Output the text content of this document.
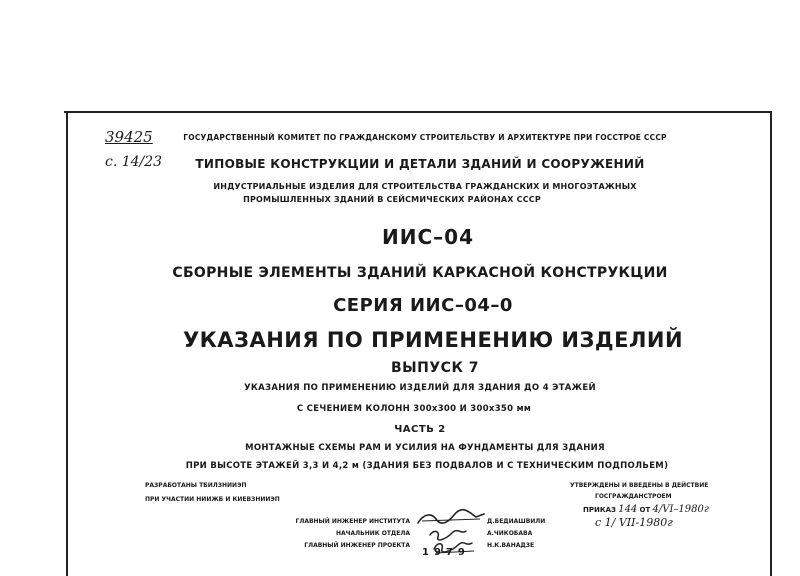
39425
с. 14/23
ГОСУДАРСТВЕННЫЙ КОМИТЕТ ПО ГРАЖДАНСКОМУ СТРОИТЕЛЬСТВУ И АРХИТЕКТУРЕ ПРИ ГОССТРОЕ СССР
ТИПОВЫЕ КОНСТРУКЦИИ И ДЕТАЛИ ЗДАНИЙ И СООРУЖЕНИЙ
ИНДУСТРИАЛЬНЫЕ ИЗДЕЛИЯ ДЛЯ СТРОИТЕЛЬСТВА ГРАЖДАНСКИХ И МНОГОЭТАЖНЫХ
ПРОМЫШЛЕННЫХ ЗДАНИЙ В СЕЙСМИЧЕСКИХ РАЙОНАХ СССР
ИИС–04
СБОРНЫЕ ЭЛЕМЕНТЫ ЗДАНИЙ КАРКАСНОЙ КОНСТРУКЦИИ
СЕРИЯ ИИС–04–0
УКАЗАНИЯ ПО ПРИМЕНЕНИЮ ИЗДЕЛИЙ
ВЫПУСК 7
УКАЗАНИЯ ПО ПРИМЕНЕНИЮ ИЗДЕЛИЙ ДЛЯ ЗДАНИЯ ДО 4 ЭТАЖЕЙ
С СЕЧЕНИЕМ КОЛОНН 300х300 И 300х350 мм
ЧАСТЬ 2
МОНТАЖНЫЕ СХЕМЫ РАМ И УСИЛИЯ НА ФУНДАМЕНТЫ ДЛЯ ЗДАНИЯ
ПРИ ВЫСОТЕ ЭТАЖЕЙ 3,3 И 4,2 м (ЗДАНИЯ БЕЗ ПОДВАЛОВ И С ТЕХНИЧЕСКИМ ПОДПОЛЬЕМ)
РАЗРАБОТАНЫ ТБИЛЗНИИЭП
ПРИ УЧАСТИИ НИИЖБ И КИЕВЗНИИЭП
УТВЕРЖДЕНЫ И ВВЕДЕНЫ В ДЕЙСТВИЕ
ГОСГРАЖДАНСТРОЕМ
ПРИКАЗ 144 ОТ 4/VI–1980г
с 1/ VII-1980г
ГЛАВНЫЙ ИНЖЕНЕР ИНСТИТУТА
НАЧАЛЬНИК ОТДЕЛА
ГЛАВНЫЙ ИНЖЕНЕР ПРОЕКТА
Д.БЕДИАШВИЛИ
А.ЧИКОБАВА
Н.К.ВАНАДЗЕ
1979
